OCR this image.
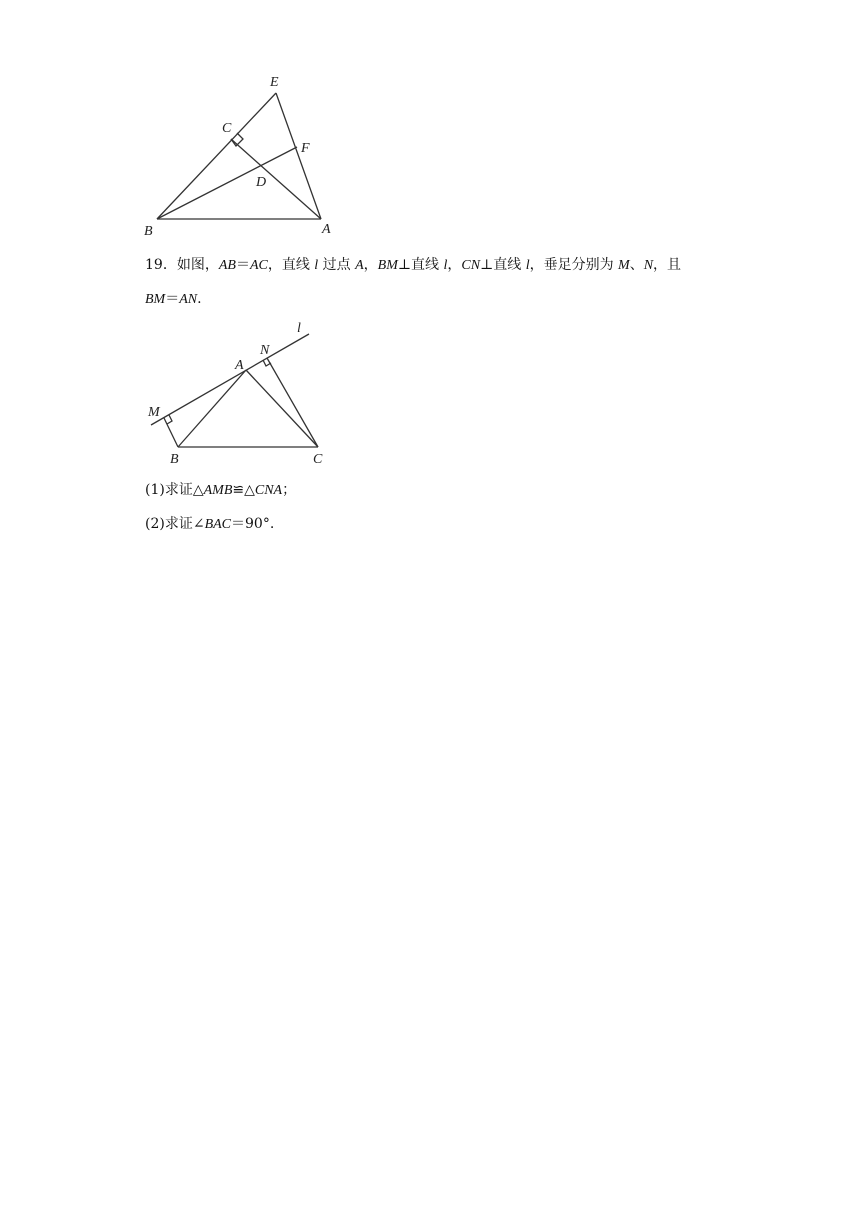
E
C
F
D
B	A
19．如图，AB＝AC，直线 l 过点 A，BM⊥直线 l，CN⊥直线 l，垂足分别为 M、N，且
BM＝AN.
l
N
A
M
B	C
(1)求证△AMB≌△CNA；
(2)求证∠BAC＝90°.
